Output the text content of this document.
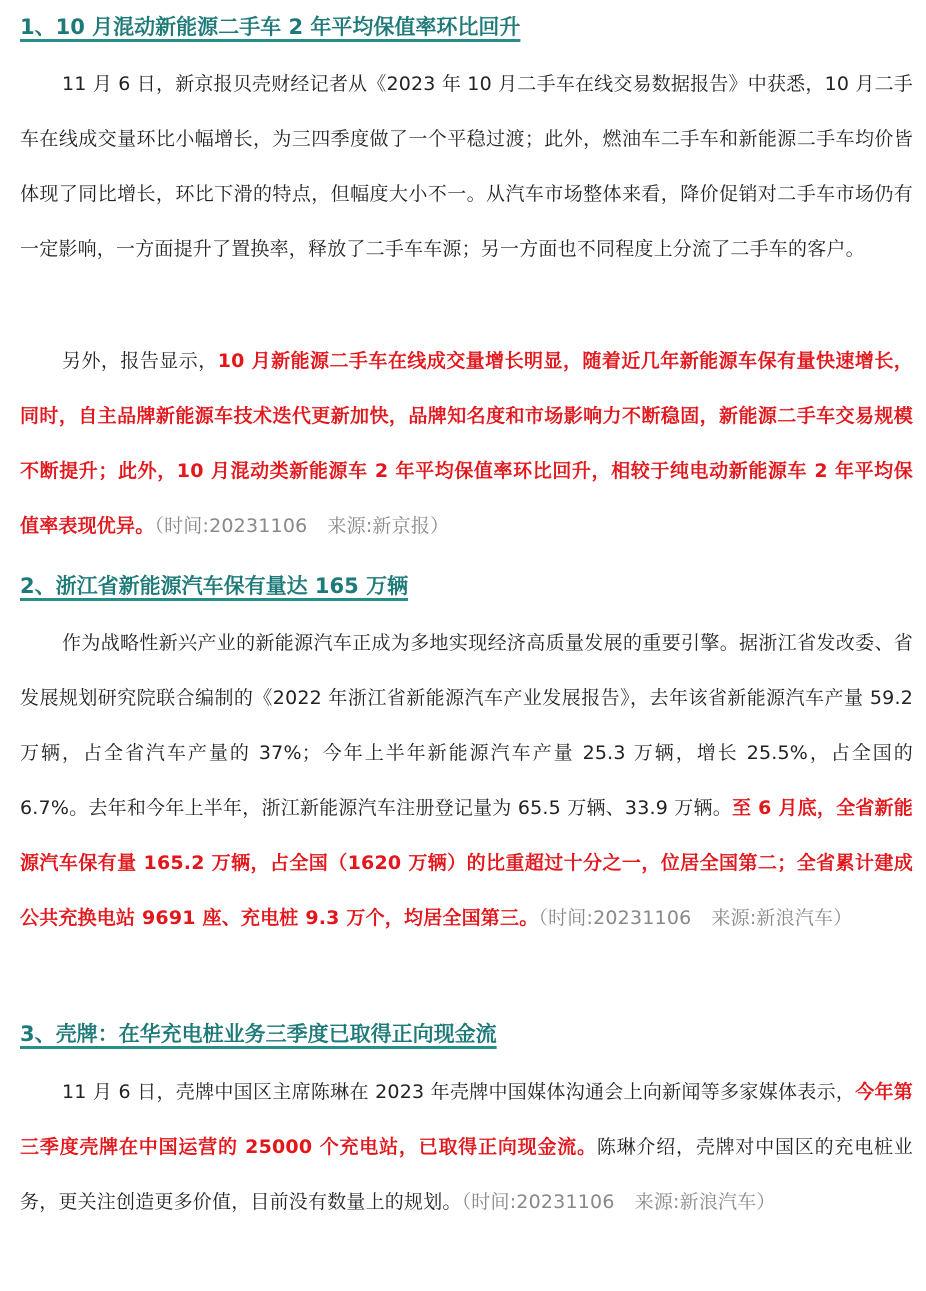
1、10 月混动新能源二手车 2 年平均保值率环比回升

11 月 6 日，新京报贝壳财经记者从《2023 年 10 月二手车在线交易数据报告》中获悉，10 月二手车在线成交量环比小幅增长，为三四季度做了一个平稳过渡；此外，燃油车二手车和新能源二手车均价皆体现了同比增长，环比下滑的特点，但幅度大小不一。从汽车市场整体来看，降价促销对二手车市场仍有一定影响，一方面提升了置换率，释放了二手车车源；另一方面也不同程度上分流了二手车的客户。

另外，报告显示，10 月新能源二手车在线成交量增长明显，随着近几年新能源车保有量快速增长，同时，自主品牌新能源车技术迭代更新加快，品牌知名度和市场影响力不断稳固，新能源二手车交易规模不断提升；此外，10 月混动类新能源车 2 年平均保值率环比回升，相较于纯电动新能源车 2 年平均保值率表现优异。（时间:20231106 来源:新京报）

2、浙江省新能源汽车保有量达 165 万辆

作为战略性新兴产业的新能源汽车正成为多地实现经济高质量发展的重要引擎。据浙江省发改委、省发展规划研究院联合编制的《2022 年浙江省新能源汽车产业发展报告》，去年该省新能源汽车产量 59.2 万辆，占全省汽车产量的 37%；今年上半年新能源汽车产量 25.3 万辆，增长 25.5%，占全国的 6.7%。去年和今年上半年，浙江新能源汽车注册登记量为 65.5 万辆、33.9 万辆。至 6 月底，全省新能源汽车保有量 165.2 万辆，占全国（1620 万辆）的比重超过十分之一，位居全国第二；全省累计建成公共充换电站 9691 座、充电桩 9.3 万个，均居全国第三。（时间:20231106 来源:新浪汽车）

3、壳牌：在华充电桩业务三季度已取得正向现金流

11 月 6 日，壳牌中国区主席陈琳在 2023 年壳牌中国媒体沟通会上向新闻等多家媒体表示，今年第三季度壳牌在中国运营的 25000 个充电站，已取得正向现金流。陈琳介绍，壳牌对中国区的充电桩业务，更关注创造更多价值，目前没有数量上的规划。（时间:20231106 来源:新浪汽车）
